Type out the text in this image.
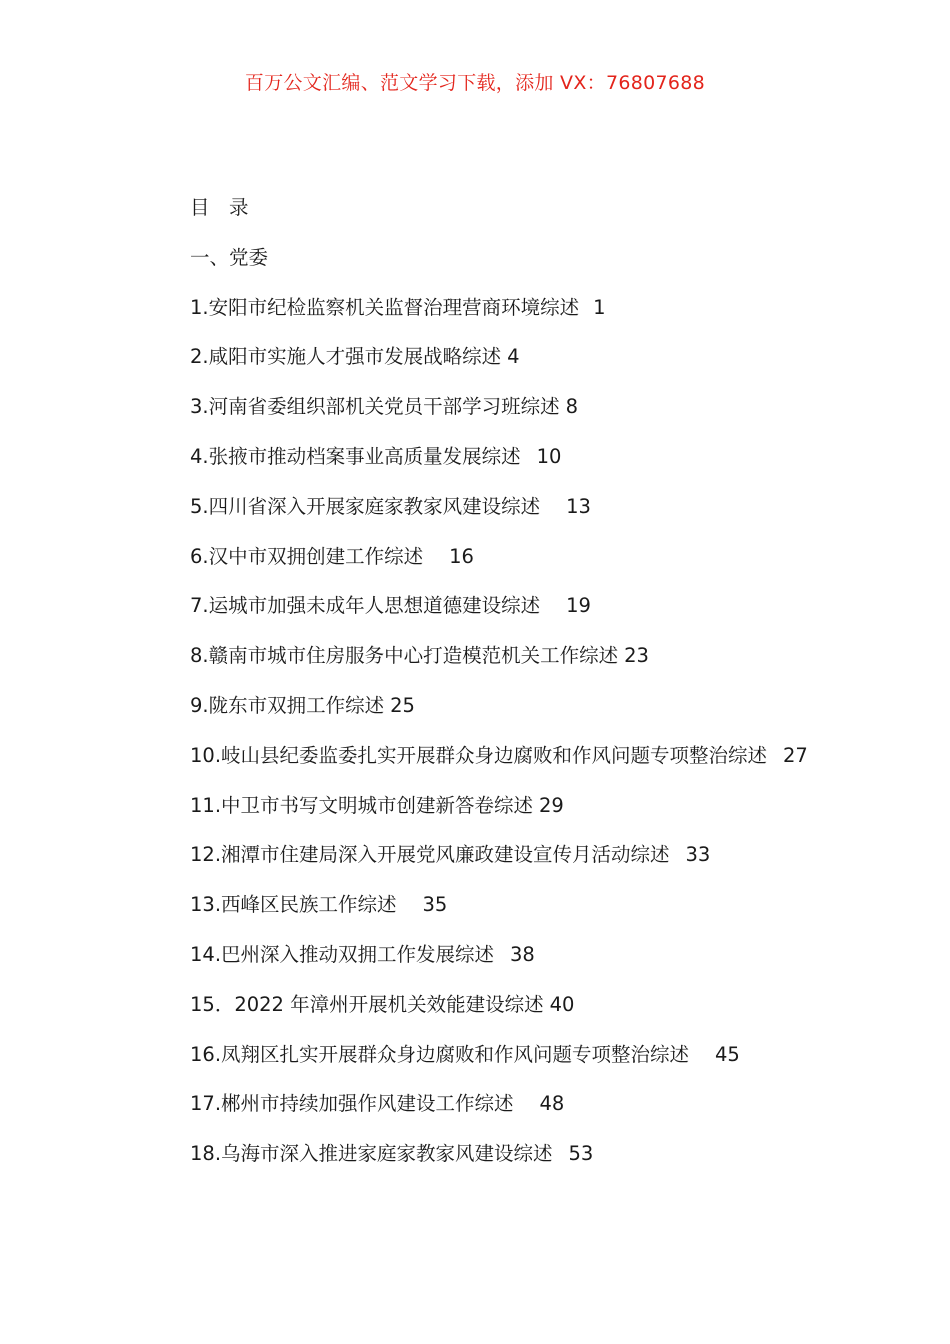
百万公文汇编、范文学习下载，添加 VX：76807688
目　录
一、党委
1.安阳市纪检监察机关监督治理营商环境综述 1
2.咸阳市实施人才强市发展战略综述 4
3.河南省委组织部机关党员干部学习班综述 8
4.张掖市推动档案事业高质量发展综述 10
5.四川省深入开展家庭家教家风建设综述 13
6.汉中市双拥创建工作综述 16
7.运城市加强未成年人思想道德建设综述 19
8.赣南市城市住房服务中心打造模范机关工作综述 23
9.陇东市双拥工作综述 25
10.岐山县纪委监委扎实开展群众身边腐败和作风问题专项整治综述 27
11.中卫市书写文明城市创建新答卷综述 29
12.湘潭市住建局深入开展党风廉政建设宣传月活动综述 33
13.西峰区民族工作综述 35
14.巴州深入推动双拥工作发展综述 38
15．2022 年漳州开展机关效能建设综述 40
16.凤翔区扎实开展群众身边腐败和作风问题专项整治综述 45
17.郴州市持续加强作风建设工作综述 48
18.乌海市深入推进家庭家教家风建设综述 53
